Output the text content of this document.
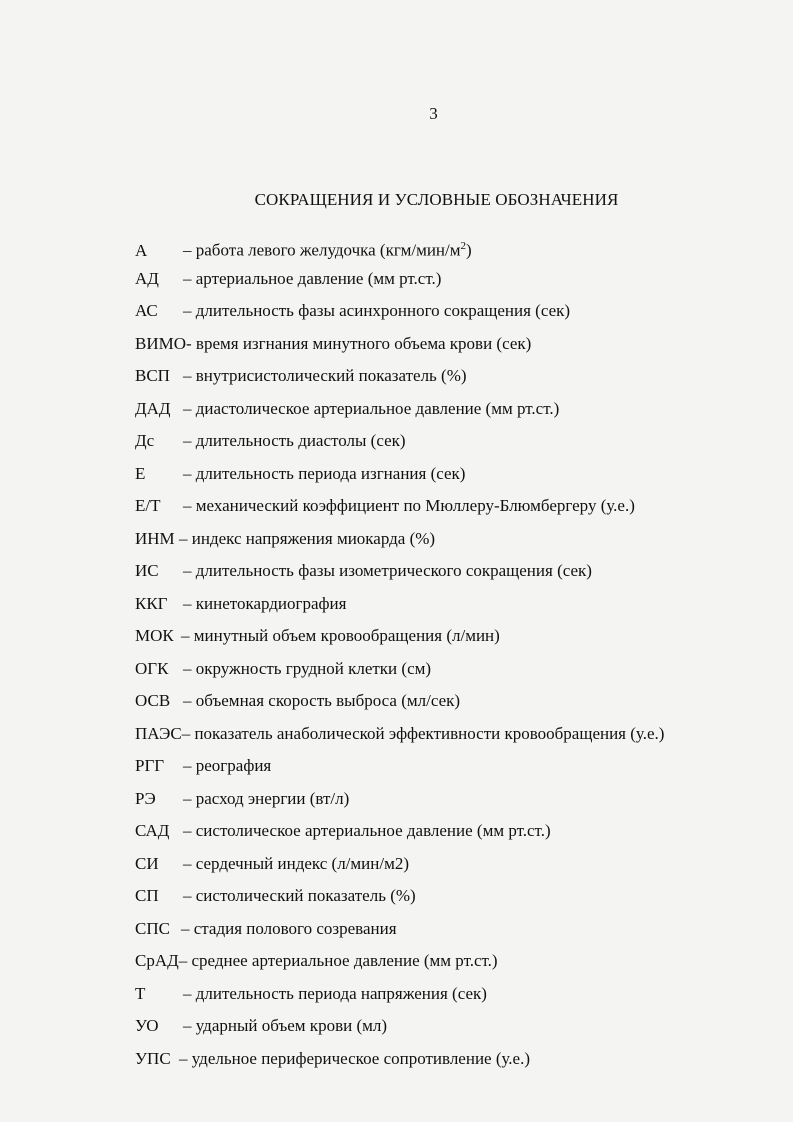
3
СОКРАЩЕНИЯ И УСЛОВНЫЕ ОБОЗНАЧЕНИЯ
А – работа левого желудочка $(кгм/мин/м^2)$
АД – артериальное давление (мм рт.ст.)
АС – длительность фазы асинхронного сокращения (сек)
ВИМО- время изгнания минутного объема крови (сек)
ВСП – внутрисистолический показатель (%)
ДАД – диастолическое артериальное давление (мм рт.ст.)
Дс – длительность диастолы (сек)
Е – длительность периода изгнания (сек)
Е/Т – механический коэффициент по Мюллеру-Блюмбергеру (у.е.)
ИНМ – индекс напряжения миокарда (%)
ИС – длительность фазы изометрического сокращения (сек)
ККГ – кинетокардиография
МОК – минутный объем кровообращения (л/мин)
ОГК – окружность грудной клетки (см)
ОСВ – объемная скорость выброса (мл/сек)
ПАЭС– показатель анаболической эффективности кровообращения (у.е.)
РГГ – реография
РЭ – расход энергии (вт/л)
САД – систолическое артериальное давление (мм рт.ст.)
СИ – сердечный индекс (л/мин/м2)
СП – систолический показатель (%)
СПС – стадия полового созревания
СрАД– среднее артериальное давление (мм рт.ст.)
Т – длительность периода напряжения (сек)
УО – ударный объем крови (мл)
УПС – удельное периферическое сопротивление (у.е.)
